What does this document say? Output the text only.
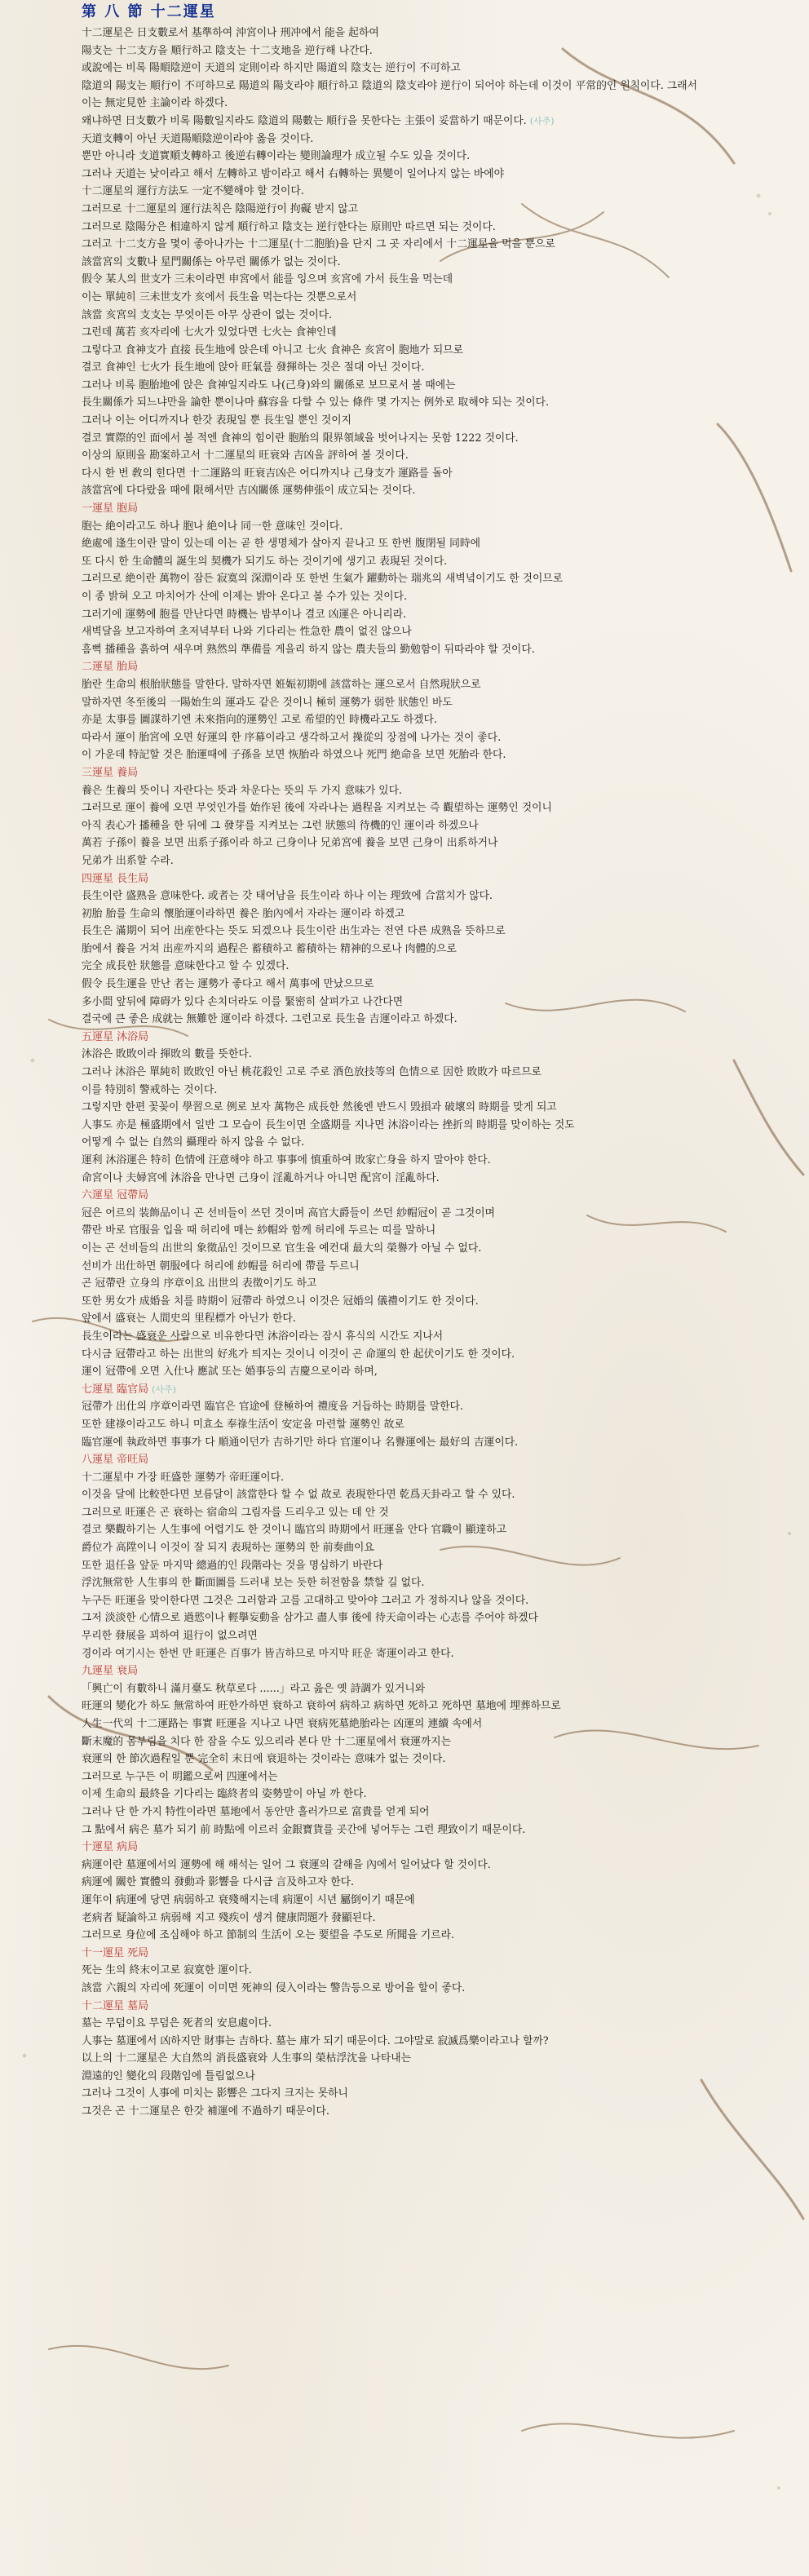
第 八 節 十二運星
十二運星은 日支數로서 基準하여 沖宮이나 刑冲에서 能을 起하여
陽支는 十二支方을 順行하고 陰支는 十二支地을 逆行해 나간다.
或說에는 비록 陽順陰逆이 天道의 定則이라 하지만 陽道의 陰支는 逆行이 不可하고
陰道의 陽支는 順行이 不可하므로 陽道의 陽支라야 順行하고 陰道의 陰支라야 逆行이 되어야 하는데 이것이 平常的인 원칙이다. 그래서
이는 無定見한 主論이라 하겠다.
왜냐하면 日支數가 비록 陽數일지라도 陰道의 陽數는 順行을 못한다는 主張이 妥當하기 때문이다. (사주)
天道支轉이 아닌 天道陽順陰逆이라야 옳을 것이다.
뿐만 아니라 支道實順支轉하고 後逆右轉이라는 變則論理가 成立될 수도 있을 것이다.
그러나 天道는 낮이라고 해서 左轉하고 밤이라고 해서 右轉하는 異變이 일어나지 않는 바에야
十二運星의 運行方法도 一定不變해야 할 것이다.
그러므로 十二運星의 運行法칙은 陰陽逆行이 拘礙 받지 않고
그러므로 陰陽分은 相違하지 않게 順行하고 陰支는 逆行한다는 原則만 따르면 되는 것이다.
그러고 十二支方을 몇이 좋아나가는 十二運星(十二胞胎)을 단지 그 곳 자리에서 十二運星을 먹을 뿐으로
該當宮의 支數나 星門關係는 아무런 關係가 없는 것이다.
假令 某人의 世支가 三未이라면 申宮에서 能를 잉으며 亥宮에 가서 長生을 먹는데
이는 單純히 三未世支가 亥에서 長生을 먹는다는 것뿐으로서
該當 亥宮의 支支는 무엇이든 아무 상관이 없는 것이다.
그런데 萬若 亥자리에 七火가 있었다면 七火는 食神인데
그렇다고 食神支가 直接 長生地에 앉은데 아니고 七火 食神은 亥宮이 胞地가 되므로
결코 食神인 七火가 長生地에 앉아 旺氣를 發揮하는 것은 절대 아닌 것이다.
그러나 비록 胞胎地에 앉은 食神일지라도 나(己身)와의 關係로 보므로서 볼 때에는
長生關係가 되느냐만을 論한 뿐이나마 蘇容을 다할 수 있는 條件 몇 가지는 例外로 取해야 되는 것이다.
그러나 이는 어디까지나 한갓 表現일 뿐 長生일 뿐인 것이지
결코 實際的인 面에서 볼 적엔 食神의 힘이란 胞胎의 限界領域을 벗어나지는 못함 1222 것이다.
이상의 原則을 勘案하고서 十二運星의 旺衰와 吉凶을 評하여 볼 것이다.
다시 한 번 敎의 힌다면 十二運路의 旺衰吉凶은 어디까지나 己身支가 運路를 돌아
該當宮에 다다랐을 때에 限해서만 吉凶關係 運勢伸張이 成立되는 것이다.
一運星 胞局
胞는 絶이라고도 하나 胞나 絶이나 同一한 意味인 것이다.
絶處에 逢生이란 말이 있는데 이는 곧 한 생명체가 살아지 끝나고 또 한번 腹閉될 同時에
또 다시 한 生命體의 誕生의 契機가 되기도 하는 것이기에 생기고 表現된 것이다.
그러므로 絶이란 萬物이 잠든 寂寞의 深淵이라 또 한번 生氣가 躍動하는 瑞兆의 새벽녘이기도 한 것이므로
이 종 밝혀 오고 마치어가 산에 이제는 밝아 온다고 볼 수가 있는 것이다.
그러기에 運勢에 胞를 만난다면 時機는 밤부이나 결코 凶運은 아니리라.
새벽달을 보고자하여 초저녁부터 나와 기다리는 性急한 農이 없진 않으나
흠뻑 播種을 흙하여 새우며 熟然의 準備를 게을리 하지 않는 農夫들의 勤勉함이 뒤따라야 할 것이다.
二運星 胎局
胎란 生命의 根胎狀態를 말한다. 말하자면 姙娠初期에 該當하는 運으로서 自然現狀으로
말하자면 冬至後의 一陽始生의 運과도 같은 것이니 極히 運勢가 弱한 狀態인 바도
亦是 太事를 圖謀하기엔 未來指向的運勢인 고로 希望的인 時機라고도 하겠다.
따라서 運이 胎宮에 오면 好運의 한 序幕이라고 생각하고서 操從의 장점에 나가는 것이 좋다.
이 가운데 特記할 것은 胎運때에 子孫을 보면 恢胎라 하였으나 死門 絶命을 보면 死胎라 한다.
三運星 養局
養은 生養의 뜻이니 자란다는 뜻과 차운다는 뜻의 두 가지 意味가 있다.
그러므로 運이 養에 오면 무엇인가를 始作된 後에 자라나는 過程을 지켜보는 즉 觀望하는 運勢인 것이니
아직 表心가 播種을 한 뒤에 그 發芽를 지켜보는 그런 狀態의 待機的인 運이라 하겠으나
萬若 子孫이 養을 보면 出系子孫이라 하고 己身이나 兄弟宮에 養을 보면 己身이 出系하거나
兄弟가 出系할 수라.
四運星 長生局
長生이란 盛熟을 意味한다. 或者는 갓 태어남을 長生이라 하나 이는 理致에 合當치가 않다.
初胎 胎를 生命의 懷胎運이라하면 養은 胎內에서 자라는 運이라 하겠고
長生은 滿期이 되어 出産한다는 뜻도 되겠으나 長生이란 出生과는 전연 다른 成熟을 뜻하므로
胎에서 養을 거쳐 出産까지의 過程은 蓄積하고 蓄積하는 精神的으로나 肉體的으로
完全 成長한 狀態를 意味한다고 할 수 있겠다.
假令 長生運을 만난 者는 運勢가 좋다고 해서 萬事에 만났으므로
多小間 앞뒤에 障碍가 있다 손치더라도 이를 緊密히 살펴가고 나간다면
결국에 큰 좋은 成就는 無難한 運이라 하겠다. 그런고로 長生을 吉運이라고 하겠다.
五運星 沐浴局
沐浴은 敗敗이라 揮敗의 數를 뜻한다.
그러나 沐浴은 單純히 敗敗인 아닌 桃花殺인 고로 주로 酒色放技等의 色情으로 因한 敗敗가 따르므로
이를 特別히 警戒하는 것이다.
그렇지만 한편 꽃꽂이 學習으로 例로 보자 萬物은 成長한 然後엔 반드시 毁損과 破壞의 時期를 맞게 되고
人事도 亦是 極盛期에서 일반 그 모습이 長生이면 全盛期를 지나면 沐浴이라는 挫折의 時期를 맞이하는 것도
어떻게 수 없는 自然의 攝理라 하지 않을 수 없다.
運利 沐浴運은 特히 色情에 汪意해야 하고 事事에 慎重하여 敗家亡身을 하지 말아야 한다.
命宮이나 夫婦宮에 沐浴을 만나면 己身이 淫亂하거나 아니면 配宮이 淫亂하다.
六運星 冠帶局
冠은 어르의 装飾品이니 곤 선비들이 쓰던 것이며 高官大爵들이 쓰던 紗帽冠이 곧 그것이며
帶란 바로 官服을 입을 때 허리에 매는 紗帽와 함께 허리에 두르는 띠를 말하니
이는 곤 선비들의 出世의 象徵品인 것이므로 官生을 예컨대 最大의 榮譽가 아닐 수 없다.
선비가 出仕하면 朝服에다 허리에 紗帽를 허리에 帶를 두르니
곤 冠帶란 立身의 序章이요 出世의 表徵이기도 하고
또한 男女가 成婚을 치를 時期이 冠帶라 하였으니 이것은 冠婚의 儀禮이기도 한 것이다.
앞에서 盛衰는 人間史의 里程標가 아닌가 한다.
長生이라는 盛衰운 사람으로 비유한다면 沐浴이라는 잠시 휴식의 시간도 지나서
다시금 冠帶라고 하는 出世의 好兆가 틔지는 것이니 이것이 곤 命運의 한 起伏이기도 한 것이다.
運이 冠帶에 오면 入仕나 應試 또는 婚事등의 吉慶으로이라 하며,
七運星 臨官局 (사주)
冠帶가 出仕의 序章이라면 臨官은 官途에 登極하여 禮度을 거듭하는 時期를 말한다.
또한 建祿이라고도 하니 미효소 奉祿生活이 安定을 마련할 運勢인 故로
臨官運에 執政하면 事事가 다 順通이던가 吉하기만 하다 官運이나 名譽運에는 最好의 吉運이다.
八運星 帝旺局
十二運星中 가장 旺盛한 運勢가 帝旺運이다.
이것을 달에 比較한다면 보름달이 該當한다 할 수 없 故로 表現한다면 乾爲天卦라고 할 수 있다.
그러므로 旺運은 곤 衰하는 宿命의 그림자를 드리우고 있는 데 안 것
결코 樂觀하기는 人生事에 어렵기도 한 것이니 臨官의 時期에서 旺運을 안다 官職이 顯達하고
爵位가 高陞이니 이것이 잘 되지 表現하는 運勢의 한 前奏曲이요
또한 退任을 앞둔 마지막 總過的인 段階라는 것을 명심하기 바란다
浮沈無常한 人生事의 한 斷面圖를 드러내 보는 듯한 허전함을 禁할 길 없다.
누구든 旺運을 맞이한다면 그것은 그러함과 고를 고대하고 맞아야 그러고 가 정하지나 않을 것이다.
그저 淡淡한 心情으로 過慾이나 輕擧妄動을 삼가고 盡人事 後에 待天命이라는 心志를 주어야 하겠다
무리한 發展을 꾀하여 退行이 없으려면
경이라 여기시는 한번 만 旺運은 百事가 皆吉하므로 마지막 旺운 寄運이라고 한다.
九運星 衰局
「興亡이 有數하니 滿月臺도 秋草로다 ......」라고 읊은 옛 詩調가 있거니와
旺運의 變化가 하도 無常하여 旺한가하면 衰하고 衰하여 病하고 病하면 死하고 死하면 墓地에 埋葬하므로
人生一代의 十二運路는 事實 旺運을 지나고 나면 衰病死墓絶胎라는 凶運의 連續 속에서
斷末魔的 몸부림을 치다 한 잠을 수도 있으리라 본다 만 十二運星에서 衰運까지는
衰運의 한 節次過程일 뿐 完全히 末日에 衰退하는 것이라는 意味가 없는 것이다.
그러므로 누구든 이 明鑑으로써 四運에서는
이제 生命의 最終을 기다리는 臨終者의 姿勢말이 아닐 까 한다.
그러나 단 한 가지 特性이라면 墓地에서 동안만 흘러가므로 富貴를 얻게 되어
그 點에서 病은 墓가 되기 前 時點에 이르러 金銀寶貨를 곳간에 넣어두는 그런 理致이기 때문이다.
十運星 病局
病運이란 墓運에서의 運勢에 해 해석는 일어 그 衰運의 갈해을 內에서 일어났다 할 것이다.
病運에 關한 實體의 發動과 影響을 다시금 言及하고자 한다.
運年이 病運에 당면 病弱하고 衰殘해지는데 病運이 시년 屬倒이기 때문에
老病者 疑論하고 病弱해 지고 殘疾이 생겨 健康問題가 發顯된다.
그러므로 身位에 조심해야 하고 節制의 生活이 오는 要望을 주도로 所聞을 기르라.
十一運星 死局
死는 生의 終末이고로 寂寞한 運이다.
該當 六親의 자리에 死運이 이미면 死神의 侵入이라는 警告등으로 방어을 할이 좋다.
十二運星 墓局
墓는 무덤이요 무덤은 死者의 安息處이다.
人事는 墓運에서 凶하지만 財事는 吉하다. 墓는 庫가 되기 때문이다. 그야말로 寂滅爲樂이라고나 할까?
以上의 十二運星은 大自然의 消長盛衰와 人生事의 榮枯浮沈을 나타내는
淵遠的인 變化의 段階임에 틀림없으나
그러나 그것이 人事에 미치는 影響은 그다지 크지는 못하니
그것은 곤 十二運星은 한갓 補運에 不過하기 때문이다.
